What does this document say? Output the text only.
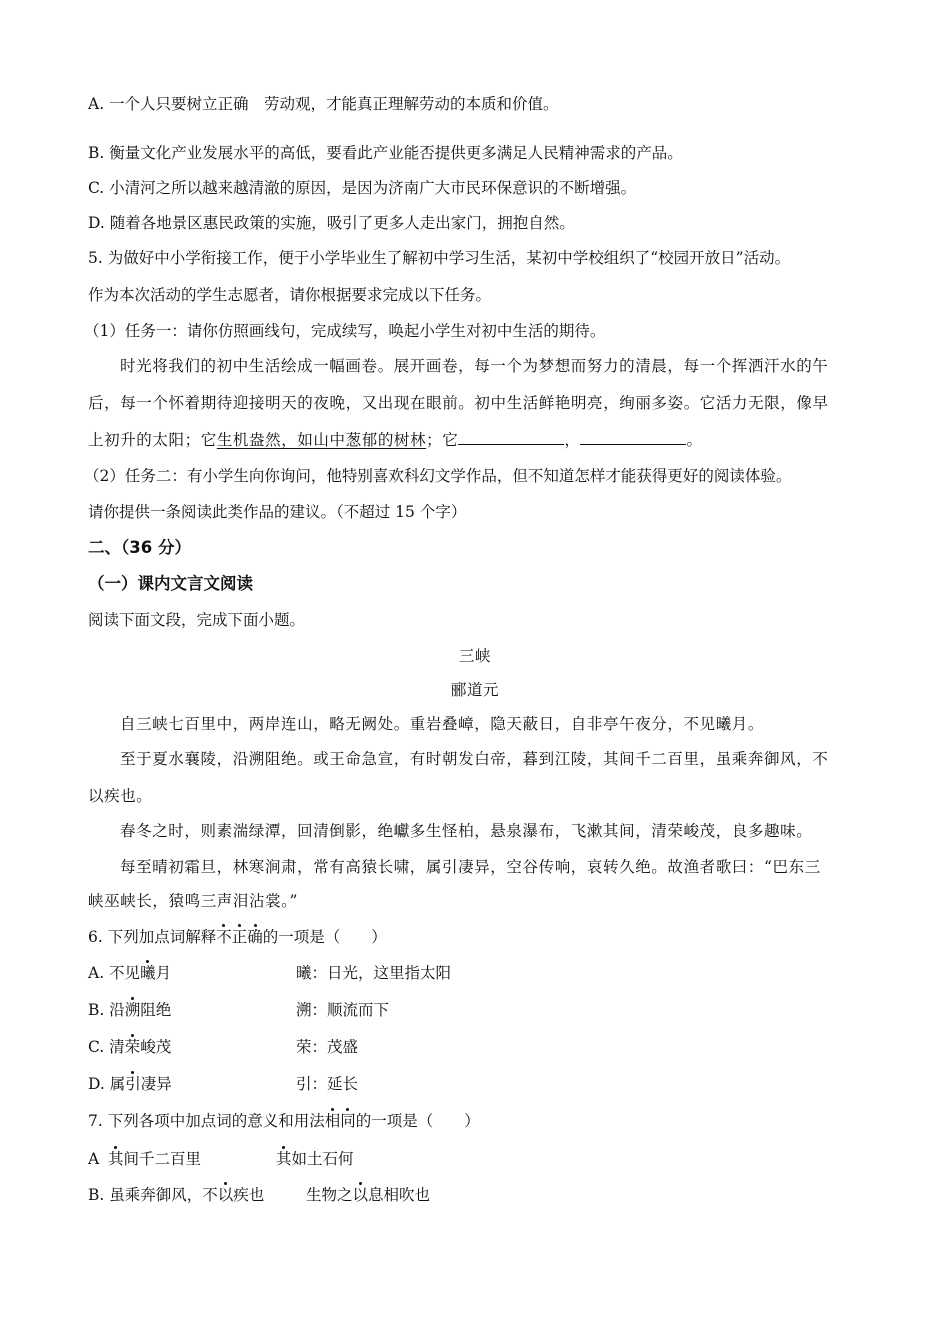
A. 一个人只要树立正确　劳动观，才能真正理解劳动的本质和价值。
B. 衡量文化产业发展水平的高低，要看此产业能否提供更多满足人民精神需求的产品。
C. 小清河之所以越来越清澈的原因，是因为济南广大市民环保意识的不断增强。
D. 随着各地景区惠民政策的实施，吸引了更多人走出家门，拥抱自然。
5. 为做好中小学衔接工作，便于小学毕业生了解初中学习生活，某初中学校组织了“校园开放日”活动。
作为本次活动的学生志愿者，请你根据要求完成以下任务。
（1）任务一：请你仿照画线句，完成续写，唤起小学生对初中生活的期待。
时光将我们的初中生活绘成一幅画卷。展开画卷，每一个为梦想而努力的清晨，每一个挥洒汗水的午
后，每一个怀着期待迎接明天的夜晚，又出现在眼前。初中生活鲜艳明亮，绚丽多姿。它活力无限，像早
上初升的太阳；它生机盎然，如山中葱郁的树林；它	，	。
（2）任务二：有小学生向你询问，他特别喜欢科幻文学作品，但不知道怎样才能获得更好的阅读体验。
请你提供一条阅读此类作品的建议。（不超过 15 个字）
二、（36 分）
（一）课内文言文阅读
阅读下面文段，完成下面小题。
三峡
郦道元
自三峡七百里中，两岸连山，略无阙处。重岩叠嶂，隐天蔽日，自非亭午夜分，不见曦月。
至于夏水襄陵，沿溯阻绝。或王命急宣，有时朝发白帝，暮到江陵，其间千二百里，虽乘奔御风，不
以疾也。
春冬之时，则素湍绿潭，回清倒影，绝巘多生怪柏，悬泉瀑布，飞漱其间，清荣峻茂，良多趣味。
每至晴初霜旦，林寒涧肃，常有高猿长啸，属引凄异，空谷传响，哀转久绝。故渔者歌曰：“巴东三
峡巫峡长，猿鸣三声泪沾裳。”
6. 下列加点词解释不正确的一项是（　　）
A. 不见曦月	曦：日光，这里指太阳
B. 沿溯阻绝	溯：顺流而下
C. 清荣峻茂	荣：茂盛
D. 属引凄异	引：延长
7. 下列各项中加点词的意义和用法相同的一项是（　　）
A 其间千二百里	其如土石何
B. 虽乘奔御风，不以疾也	生物之以息相吹也
